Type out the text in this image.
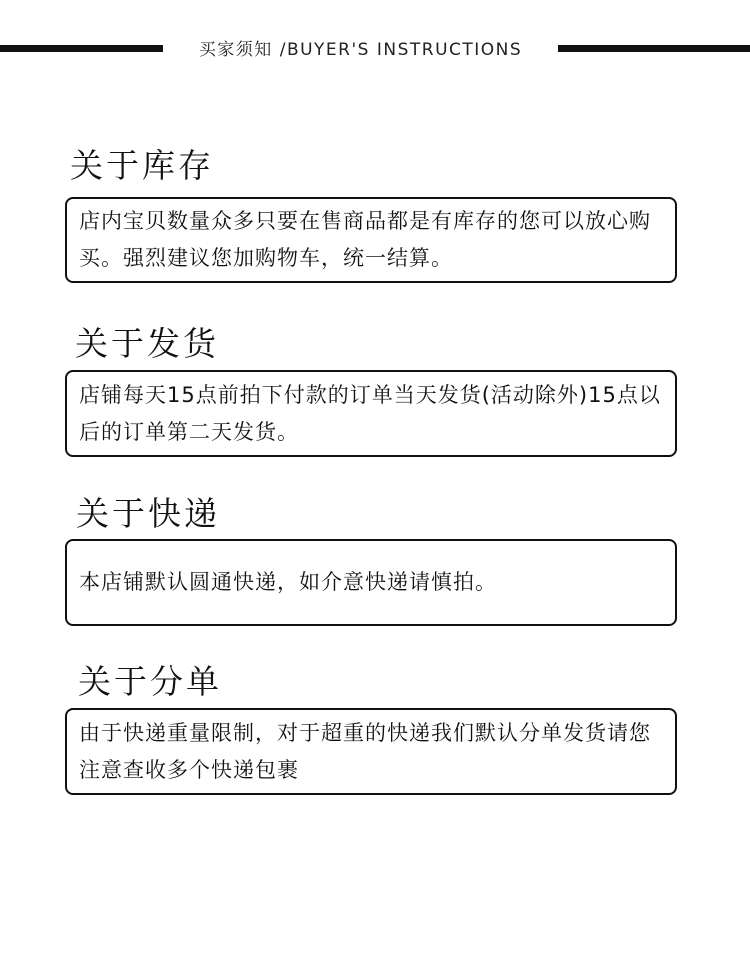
买家须知 /BUYER'S INSTRUCTIONS
关于库存

店内宝贝数量众多只要在售商品都是有库存的您可以放心购买。强烈建议您加购物车，统一结算。

关于发货

店铺每天15点前拍下付款的订单当天发货(活动除外)15点以后的订单第二天发货。

关于快递

本店铺默认圆通快递，如介意快递请慎拍。

关于分单

由于快递重量限制，对于超重的快递我们默认分单发货请您注意查收多个快递包裹
